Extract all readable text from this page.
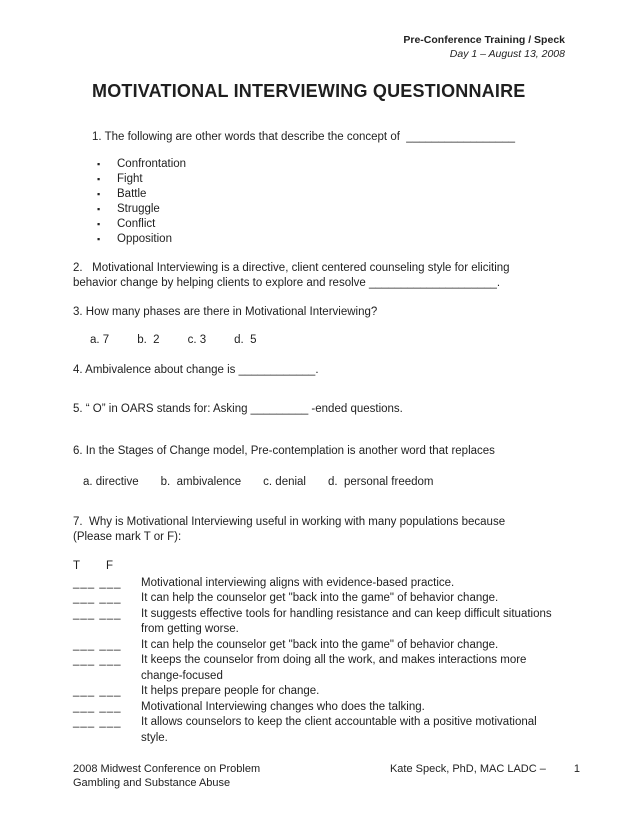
Pre-Conference Training / Speck
Day 1 – August 13, 2008
MOTIVATIONAL INTERVIEWING QUESTIONNAIRE
1. The following are other words that describe the concept of  _________________
▪	Confrontation
▪	Fight
▪	Battle
▪	Struggle
▪	Conflict
▪	Opposition
2.   Motivational Interviewing is a directive, client centered counseling style for eliciting
behavior change by helping clients to explore and resolve ____________________.
3. How many phases are there in Motivational Interviewing?
a. 7 b.  2 c. 3 d.  5
4. Ambivalence about change is ____________.
5. “ O” in OARS stands for: Asking _________ -ended questions.
6. In the Stages of Change model, Pre-contemplation is another word that replaces
a. directive b.  ambivalence c. denial d.  personal freedom
7.  Why is Motivational Interviewing useful in working with many populations because
(Please mark T or F):
T	F
___ ___	Motivational interviewing aligns with evidence-based practice.
___ ___	It can help the counselor get "back into the game" of behavior change.
___ ___	It suggests effective tools for handling resistance and can keep difficult situations from getting worse.
___ ___	It can help the counselor get "back into the game" of behavior change.
___ ___	It keeps the counselor from doing all the work, and makes interactions more change-focused
___ ___	It helps prepare people for change.
___ ___	Motivational Interviewing changes who does the talking.
___ ___	It allows counselors to keep the client accountable with a positive motivational style.
2008 Midwest Conference on Problem
Gambling and Substance Abuse
Kate Speck, PhD, MAC LADC –	1
